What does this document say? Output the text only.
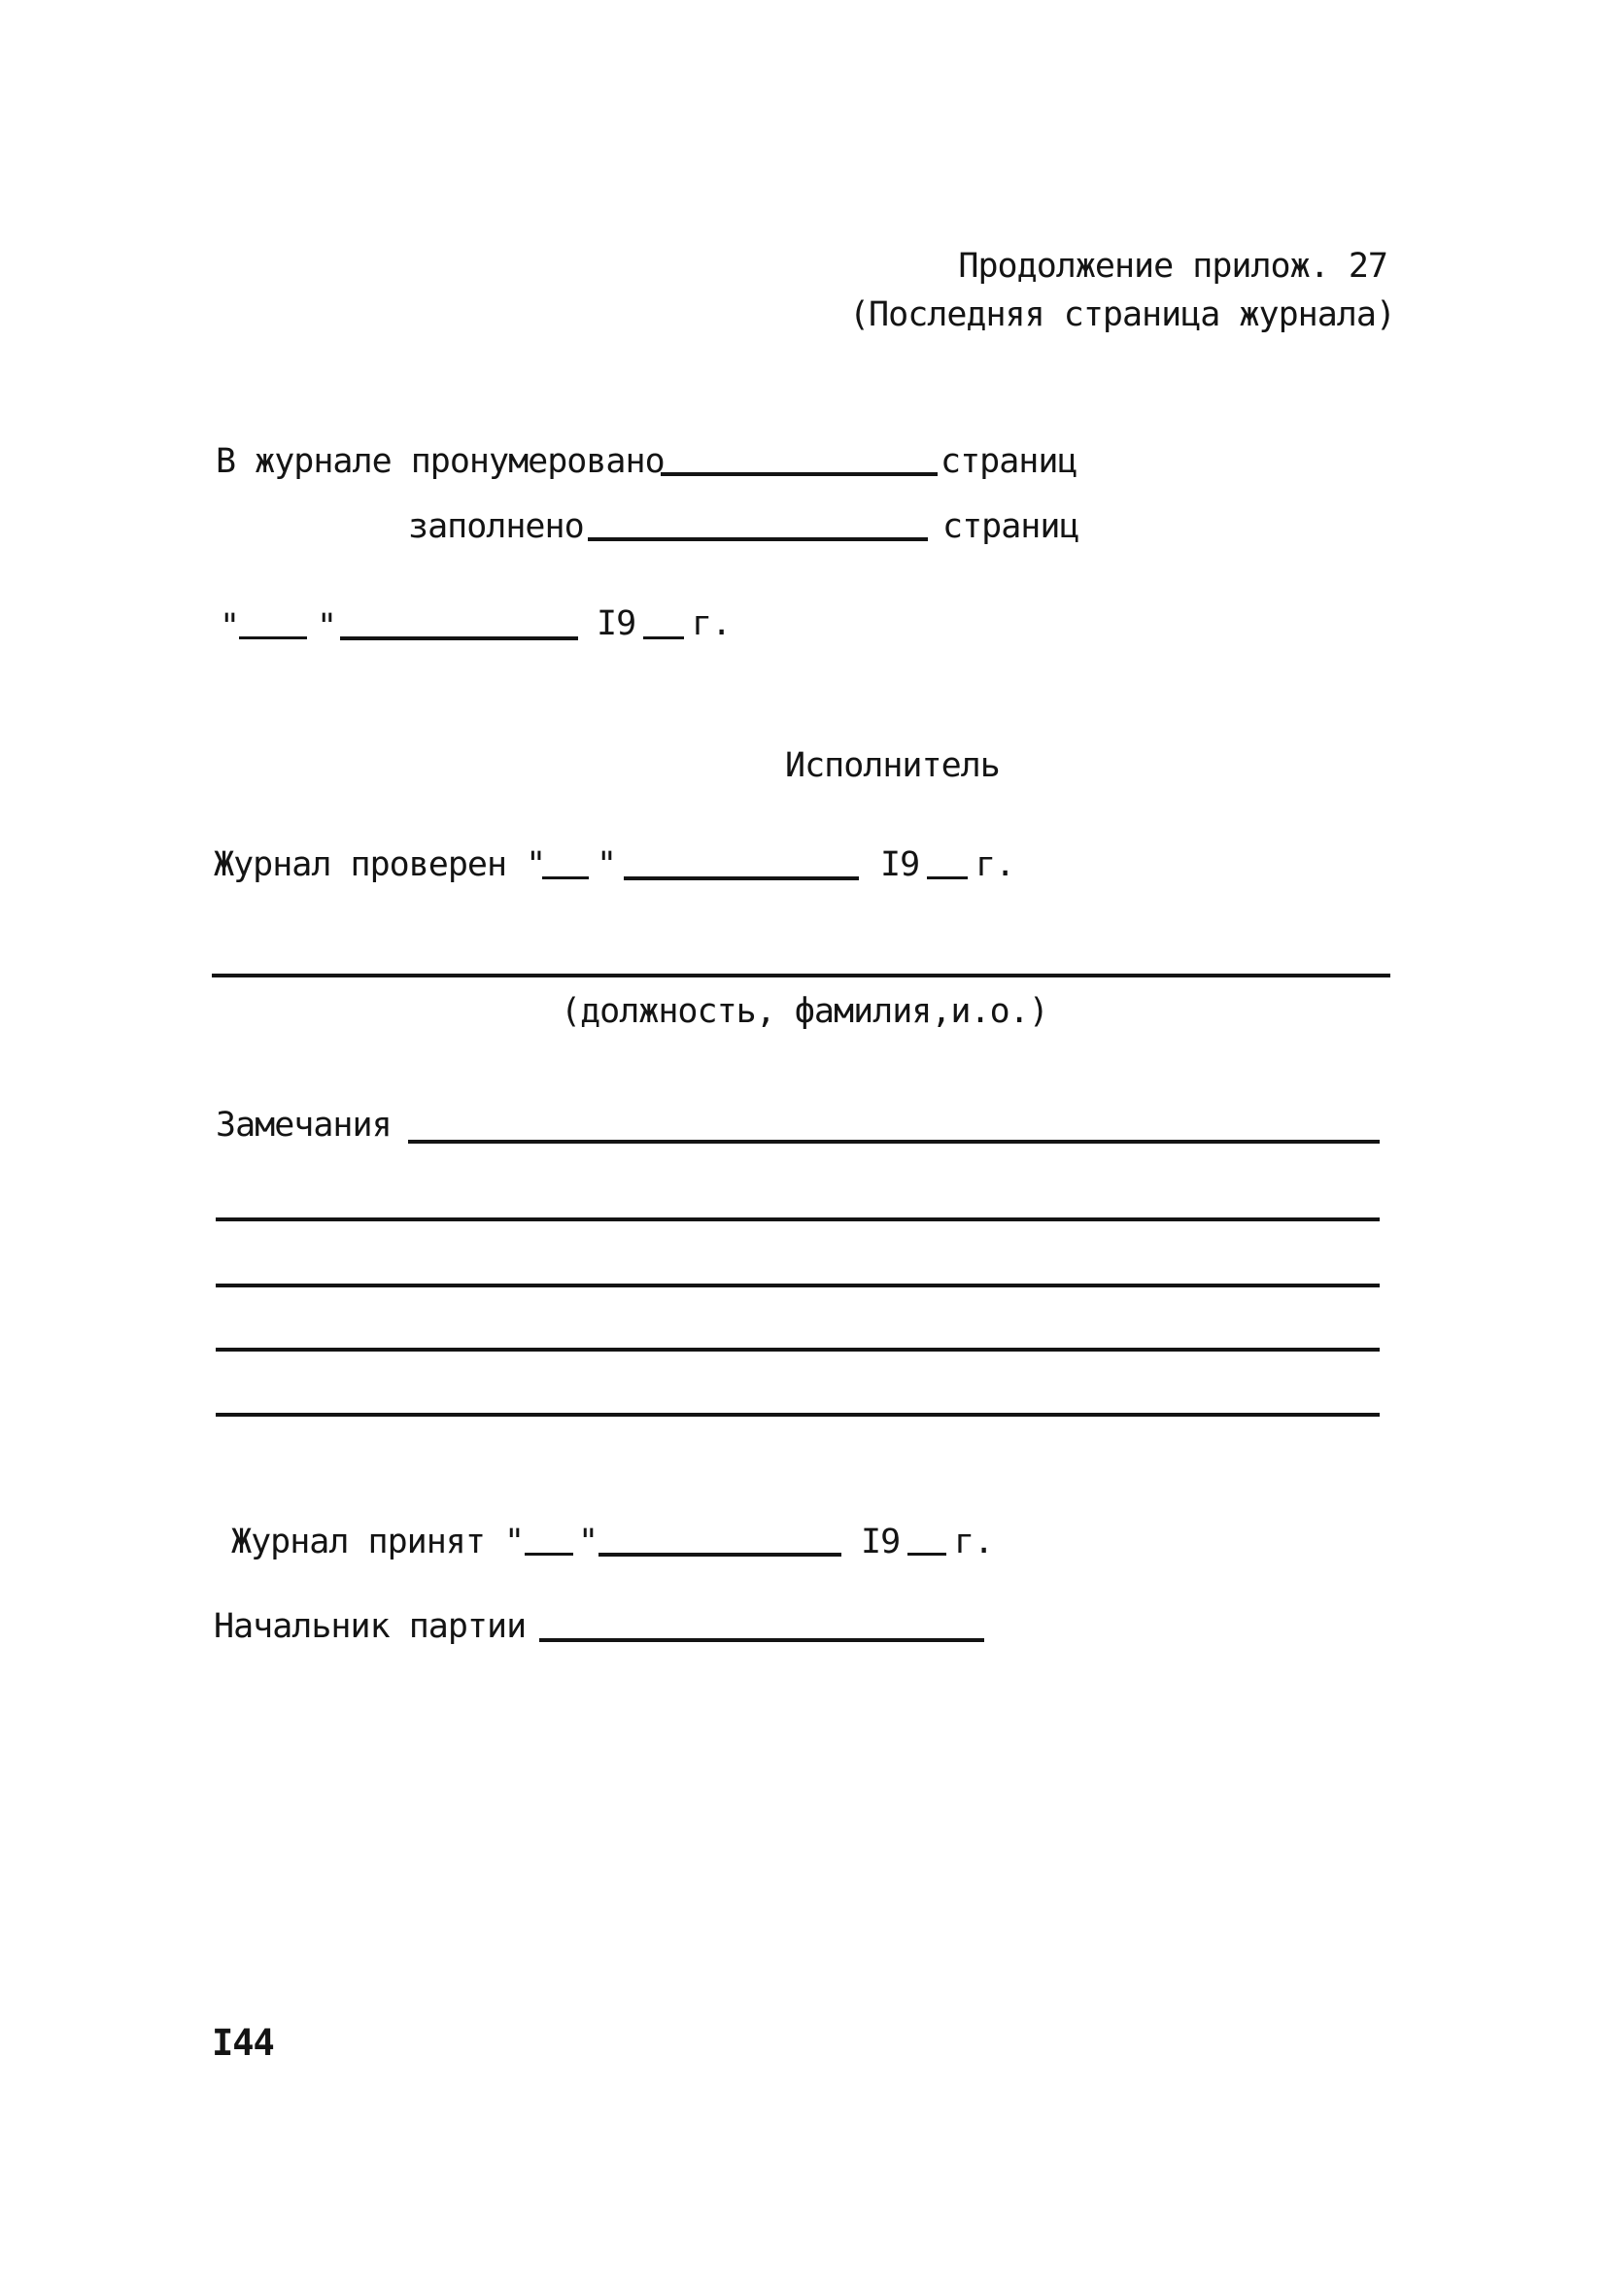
Продолжение прилож. 27
(Последняя страница журнала)
В журнале пронумеровано	страниц
заполнено	страниц
" "	I9 г.
Исполнитель
Журнал проверен " "	I9 г.
(должность, фамилия,и.о.)
Замечания
Журнал принят " "	I9 г.
Начальник партии
I44
